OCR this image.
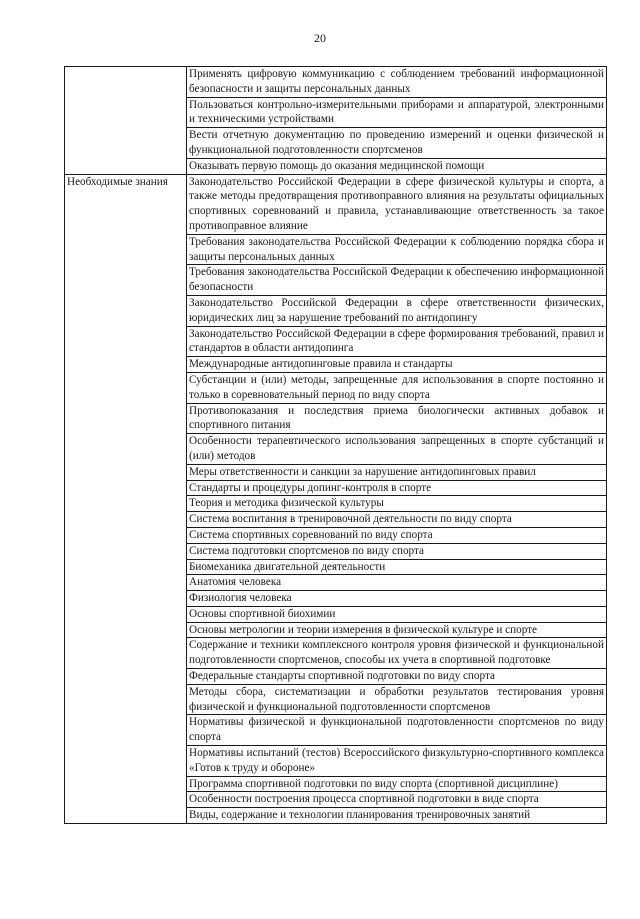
20
	Применять цифровую коммуникацию с соблюдением требований информационной безопасности и защиты персональных данных
	Пользоваться контрольно-измерительными приборами и аппаратурой, электронными и техническими устройствами
	Вести отчетную документацию по проведению измерений и оценки физической и функциональной подготовленности спортсменов
	Оказывать первую помощь до оказания медицинской помощи
Необходимые знания	Законодательство Российской Федерации в сфере физической культуры и спорта, а также методы предотвращения противоправного влияния на результаты официальных спортивных соревнований и правила, устанавливающие ответственность за такое противоправное влияние
	Требования законодательства Российской Федерации к соблюдению порядка сбора и защиты персональных данных
	Требования законодательства Российской Федерации к обеспечению информационной безопасности
	Законодательство Российской Федерации в сфере ответственности физических, юридических лиц за нарушение требований по антидопингу
	Законодательство Российской Федерации в сфере формирования требований, правил и стандартов в области антидопинга
	Международные антидопинговые правила и стандарты
	Субстанции и (или) методы, запрещенные для использования в спорте постоянно и только в соревновательный период по виду спорта
	Противопоказания и последствия приема биологически активных добавок и спортивного питания
	Особенности терапевтического использования запрещенных в спорте субстанций и (или) методов
	Меры ответственности и санкции за нарушение антидопинговых правил
	Стандарты и процедуры допинг-контроля в спорте
	Теория и методика физической культуры
	Система воспитания в тренировочной деятельности по виду спорта
	Система спортивных соревнований по виду спорта
	Система подготовки спортсменов по виду спорта
	Биомеханика двигательной деятельности
	Анатомия человека
	Физиология человека
	Основы спортивной биохимии
	Основы метрологии и теории измерения в физической культуре и спорте
	Содержание и техники комплексного контроля уровня физической и функциональной подготовленности спортсменов, способы их учета в спортивной подготовке
	Федеральные стандарты спортивной подготовки по виду спорта
	Методы сбора, систематизации и обработки результатов тестирования уровня физической и функциональной подготовленности спортсменов
	Нормативы физической и функциональной подготовленности спортсменов по виду спорта
	Нормативы испытаний (тестов) Всероссийского физкультурно-спортивного комплекса «Готов к труду и обороне»
	Программа спортивной подготовки по виду спорта (спортивной дисциплине)
	Особенности построения процесса спортивной подготовки в виде спорта
	Виды, содержание и технологии планирования тренировочных занятий
